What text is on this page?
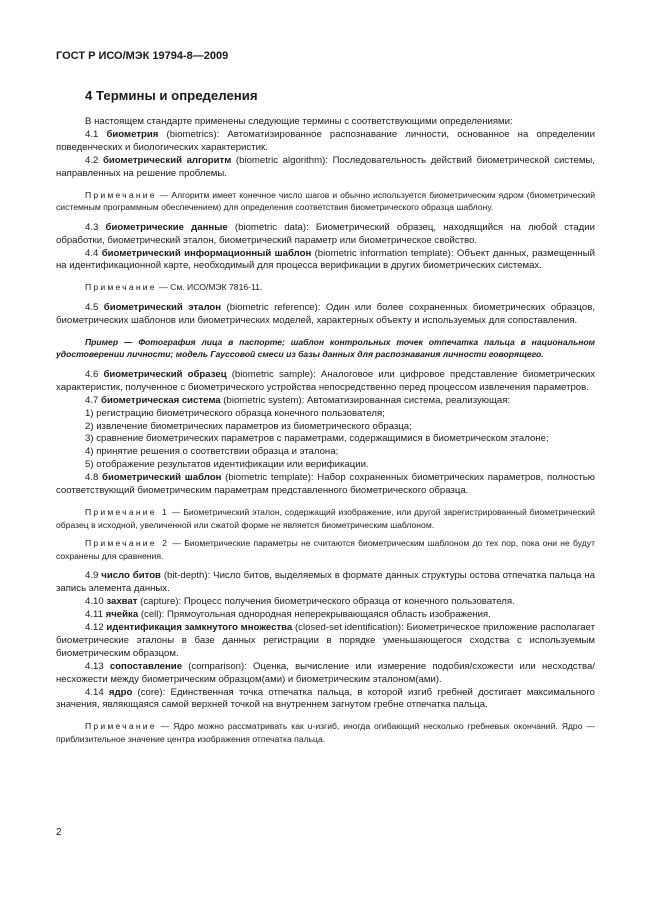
ГОСТ Р ИСО/МЭК 19794-8—2009
4 Термины и определения

В настоящем стандарте применены следующие термины с соответствующими определениями:

4.1 биометрия (biometrics): Автоматизированное распознавание личности, основанное на определении поведенческих и биологических характеристик.

4.2 биометрический алгоритм (biometric algorithm): Последовательность действий биометрической системы, направленных на решение проблемы.

Примечание — Алгоритм имеет конечное число шагов и обычно используется биометрическим ядром (биометрический системным программным обеспечением) для определения соответствия биометрического образца шаблону.

4.3 биометрические данные (biometric data): Биометрический образец, находящийся на любой стадии обработки, биометрический эталон, биометрический параметр или биометрическое свойство.

4.4 биометрический информационный шаблон (biometric information template): Объект данных, размещенный на идентификационной карте, необходимый для процесса верификации в других биометрических системах.

Примечание — См. ИСО/МЭК 7816-11.

4.5 биометрический эталон (biometric reference): Один или более сохраненных биометрических образцов, биометрических шаблонов или биометрических моделей, характерных объекту и используемых для сопоставления.

Пример — Фотография лица в паспорте; шаблон контрольных точек отпечатка пальца в национальном удостоверении личности; модель Гауссовой смеси из базы данных для распознавания личности говорящего.

4.6 биометрический образец (biometric sample): Аналоговое или цифровое представление биометрических характеристик, полученное с биометрического устройства непосредственно перед процессом извлечения параметров.

4.7 биометрическая система (biometric system): Автоматизированная система, реализующая:

1) регистрацию биометрического образца конечного пользователя;

2) извлечение биометрических параметров из биометрического образца;

3) сравнение биометрических параметров с параметрами, содержащимися в биометрическом эталоне;

4) принятие решения о соответствии образца и эталона;

5) отображение результатов идентификации или верификации.

4.8 биометрический шаблон (biometric template): Набор сохраненных биометрических параметров, полностью соответствующий биометрическим параметрам представленного биометрического образца.

Примечание 1 — Биометрический эталон, содержащий изображение, или другой зарегистрированный биометрический образец в исходной, увеличенной или сжатой форме не является биометрическим шаблоном.

Примечание 2 — Биометрические параметры не считаются биометрическим шаблоном до тех пор, пока они не будут сохранены для сравнения.

4.9 число битов (bit-depth): Число битов, выделяемых в формате данных структуры остова отпечатка пальца на запись элемента данных.

4.10 захват (capture): Процесс получения биометрического образца от конечного пользователя.

4.11 ячейка (cell): Прямоугольная однородная неперекрывающаяся область изображения.

4.12 идентификация замкнутого множества (closed-set identification): Биометрическое приложение располагает биометрические эталоны в базе данных регистрации в порядке уменьшающегося сходства с используемым биометрическим образцом.

4.13 сопоставление (comparison): Оценка, вычисление или измерение подобия/схожести или несходства/несхожести между биометрическим образцом(ами) и биометрическим эталоном(ами).

4.14 ядро (core): Единственная точка отпечатка пальца, в которой изгиб гребней достигает максимального значения, являющаяся самой верхней точкой на внутреннем загнутом гребне отпечатка пальца.

Примечание — Ядро можно рассматривать как u-изгиб, иногда огибающий несколько гребневых окончаний. Ядро — приблизительное значение центра изображения отпечатка пальца.

2
